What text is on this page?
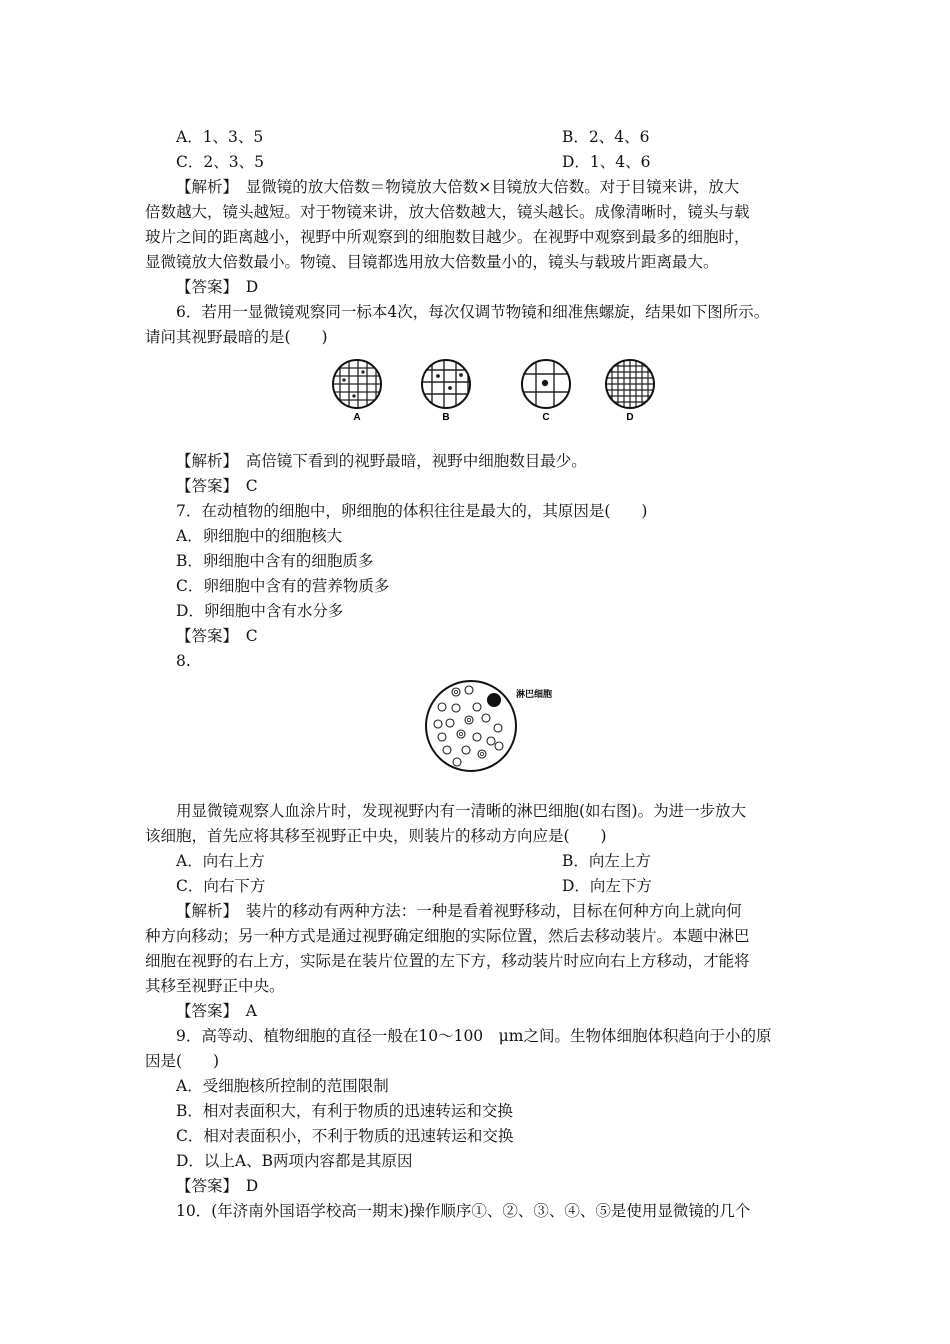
A．1、3、5	B．2、4、6
C．2、3、5	D．1、4、6
【解析】　显微镜的放大倍数＝物镜放大倍数×目镜放大倍数。对于目镜来讲，放大
倍数越大，镜头越短。对于物镜来讲，放大倍数越大，镜头越长。成像清晰时，镜头与载
玻片之间的距离越小，视野中所观察到的细胞数目越少。在视野中观察到最多的细胞时，
显微镜放大倍数最小。物镜、目镜都选用放大倍数量小的，镜头与载玻片距离最大。
【答案】　D
6．若用一显微镜观察同一标本4次，每次仅调节物镜和细准焦螺旋，结果如下图所示。
请问其视野最暗的是(　　)
A	B	C	D
【解析】　高倍镜下看到的视野最暗，视野中细胞数目最少。
【答案】　C
7．在动植物的细胞中，卵细胞的体积往往是最大的，其原因是(　　)
A．卵细胞中的细胞核大
B．卵细胞中含有的细胞质多
C．卵细胞中含有的营养物质多
D．卵细胞中含有水分多
【答案】　C
8.
淋巴细胞
用显微镜观察人血涂片时，发现视野内有一清晰的淋巴细胞(如右图)。为进一步放大
该细胞，首先应将其移至视野正中央，则装片的移动方向应是(　　)
A．向右上方	B．向左上方
C．向右下方	D．向左下方
【解析】　装片的移动有两种方法：一种是看着视野移动，目标在何种方向上就向何
种方向移动；另一种方式是通过视野确定细胞的实际位置，然后去移动装片。本题中淋巴
细胞在视野的右上方，实际是在装片位置的左下方，移动装片时应向右上方移动，才能将
其移至视野正中央。
【答案】　A
9．高等动、植物细胞的直径一般在10～100　μm之间。生物体细胞体积趋向于小的原
因是(　　)
A．受细胞核所控制的范围限制
B．相对表面积大，有利于物质的迅速转运和交换
C．相对表面积小，不利于物质的迅速转运和交换
D．以上A、B两项内容都是其原因
【答案】　D
10．(年济南外国语学校高一期末)操作顺序①、②、③、④、⑤是使用显微镜的几个
